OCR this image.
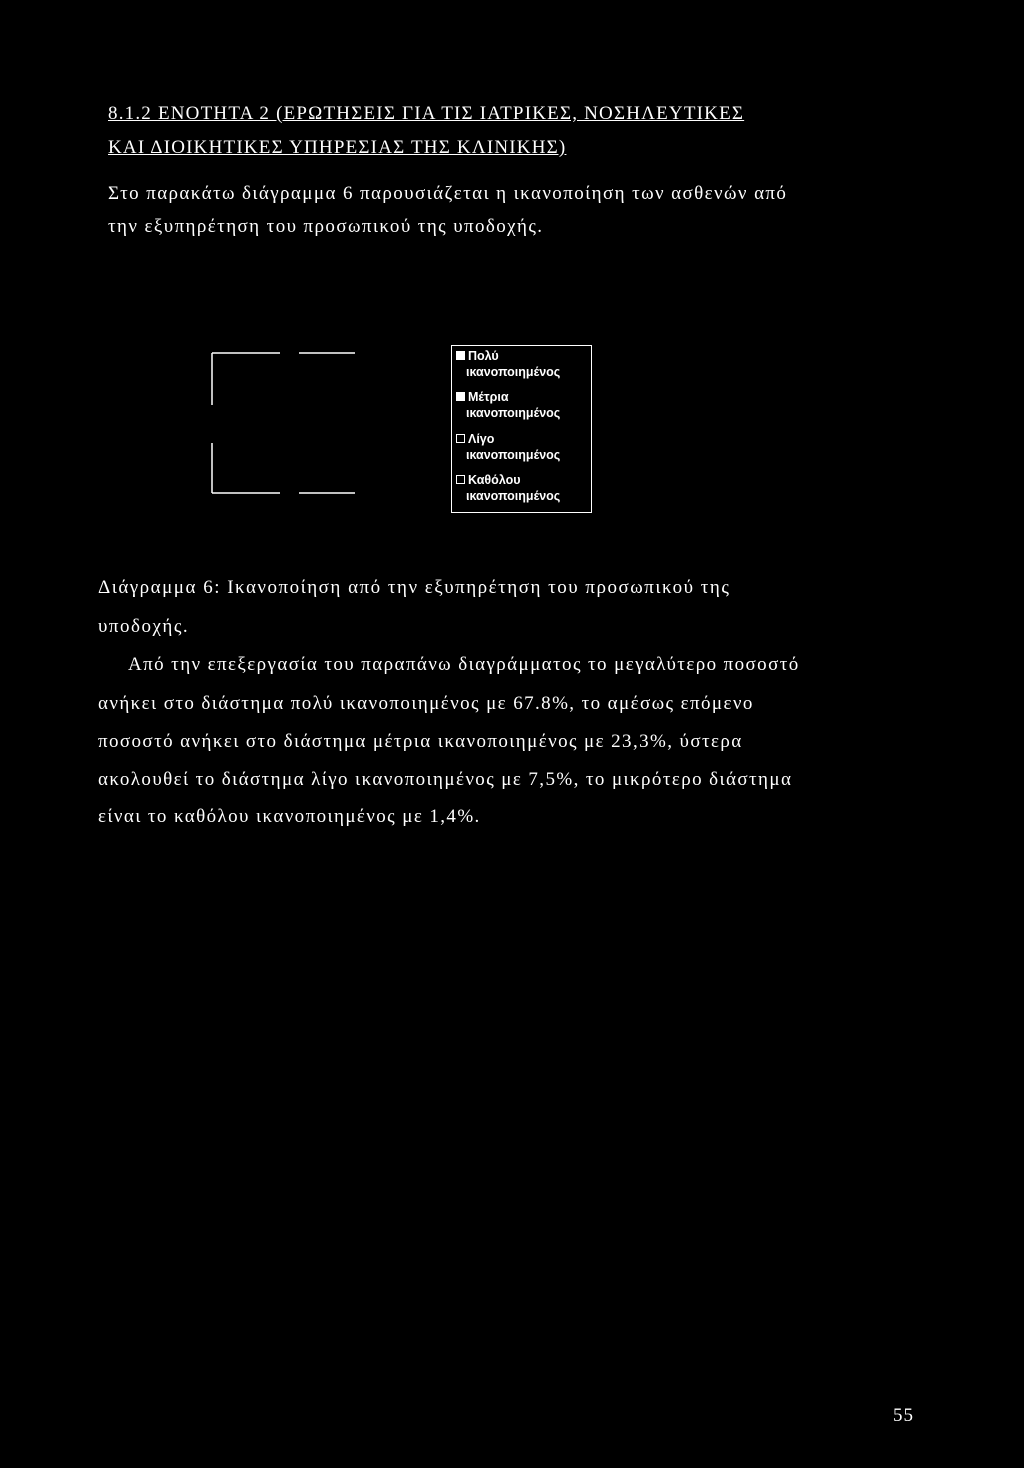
8.1.2 ΕΝΟΤΗΤΑ 2 (ΕΡΩΤΗΣΕΙΣ ΓΙΑ ΤΙΣ ΙΑΤΡΙΚΕΣ, ΝΟΣΗΛΕΥΤΙΚΕΣ
ΚΑΙ ΔΙΟΙΚΗΤΙΚΕΣ ΥΠΗΡΕΣΙΑΣ ΤΗΣ ΚΛΙΝΙΚΗΣ)
Στο παρακάτω διάγραμμα 6 παρουσιάζεται η ικανοποίηση των ασθενών από
την εξυπηρέτηση του προσωπικού της υποδοχής.
Πολύ
ικανοποιημένος
Μέτρια
ικανοποιημένος
Λίγο
ικανοποιημένος
Καθόλου
ικανοποιημένος
Διάγραμμα 6: Ικανοποίηση από την εξυπηρέτηση του προσωπικού της
υποδοχής.
Από την επεξεργασία του παραπάνω διαγράμματος το μεγαλύτερο ποσοστό
ανήκει στο διάστημα πολύ ικανοποιημένος με 67.8%, το αμέσως επόμενο
ποσοστό ανήκει στο διάστημα μέτρια ικανοποιημένος με 23,3%, ύστερα
ακολουθεί το διάστημα λίγο ικανοποιημένος με 7,5%, το μικρότερο διάστημα
είναι το καθόλου ικανοποιημένος με 1,4%.
55
